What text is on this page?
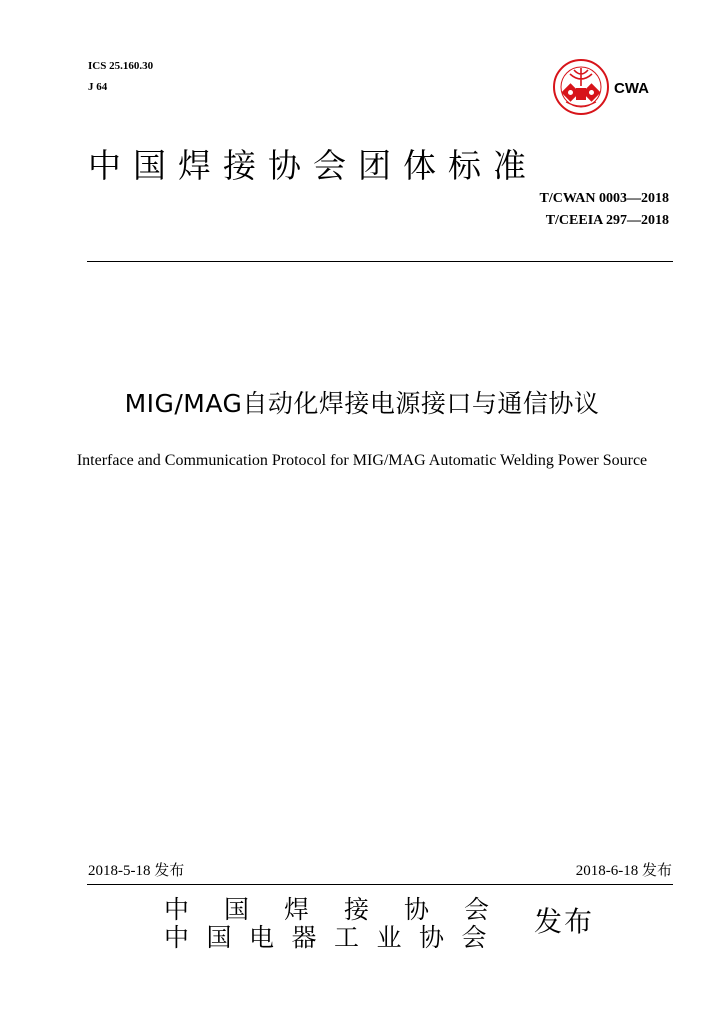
ICS 25.160.30
J 64	CWA
中国焊接协会团体标准
T/CWAN 0003—2018
T/CEEIA 297—2018
MIG/MAG自动化焊接电源接口与通信协议
Interface and Communication Protocol for MIG/MAG Automatic Welding Power Source
2018-5-18 发布	2018-6-18 发布
中国焊接协会
中国电器工业协会 发布
